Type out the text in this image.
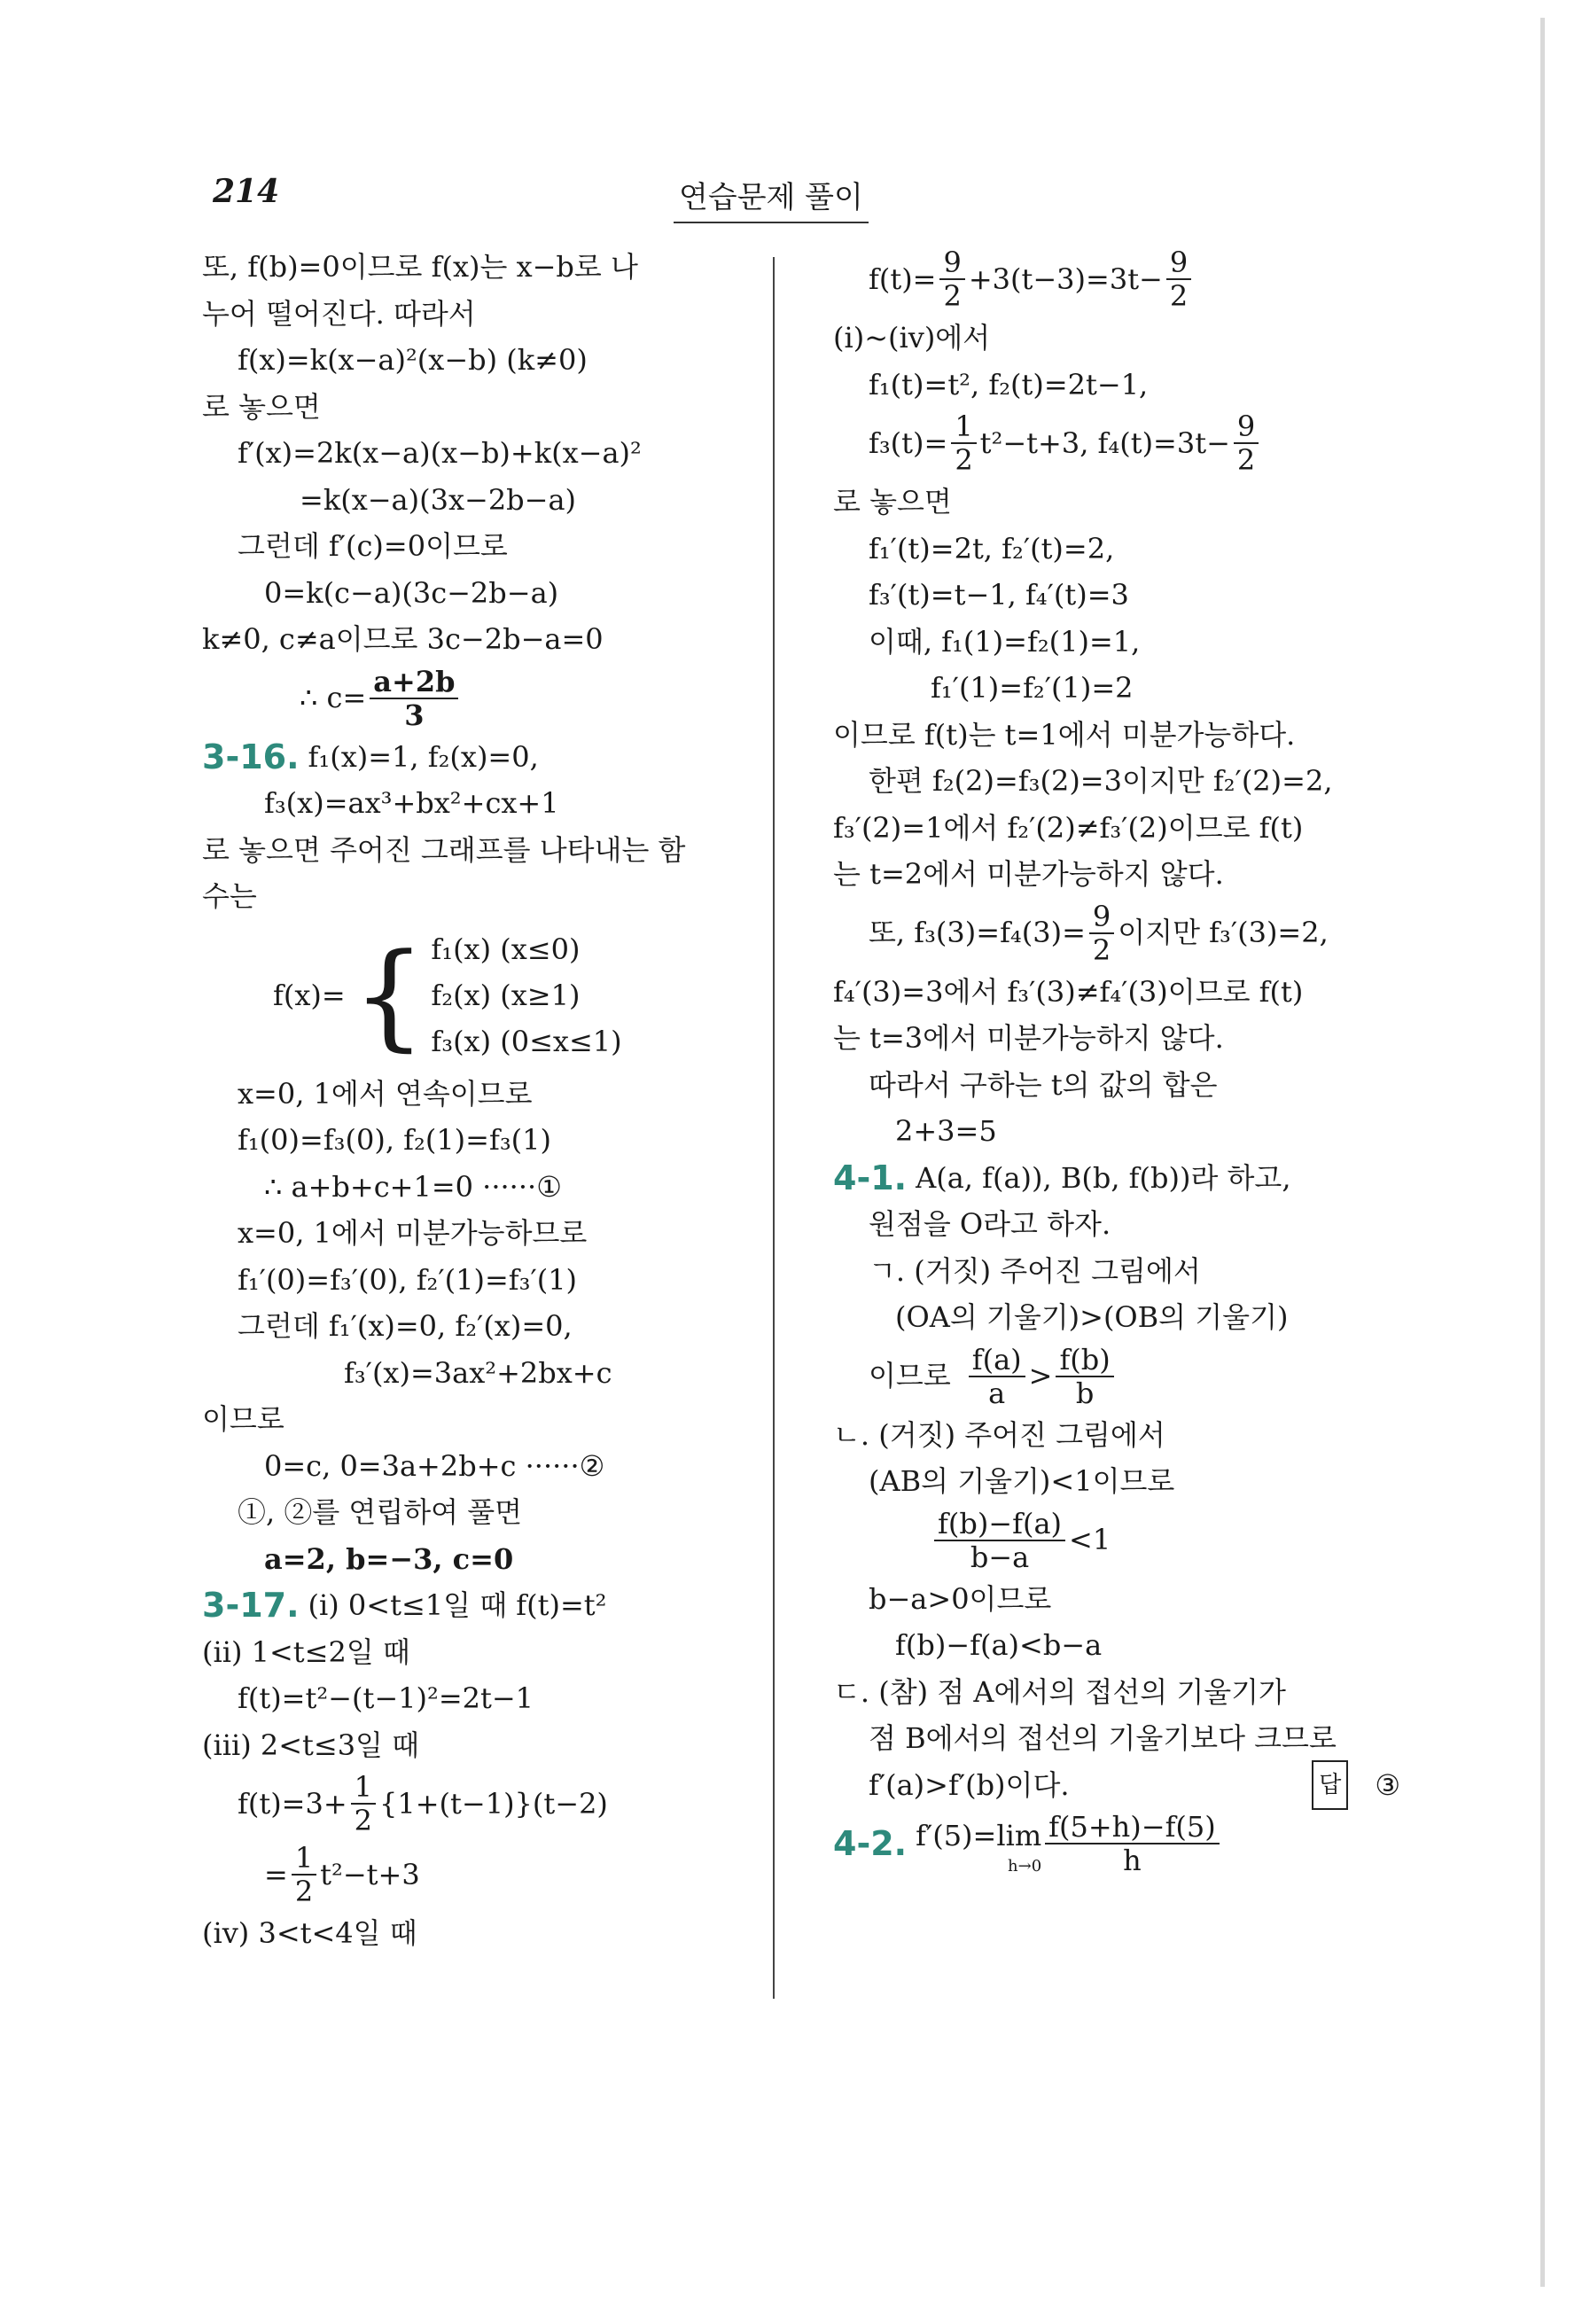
214	연습문제 풀이
또, f(b)=0이므로 f(x)는 x−b로 나
누어 떨어진다. 따라서
f(x)=k(x−a)²(x−b) (k≠0)
로 놓으면
f′(x)=2k(x−a)(x−b)+k(x−a)²
=k(x−a)(3x−2b−a)
그런데 f′(c)=0이므로
0=k(c−a)(3c−2b−a)
k≠0, c≠a이므로 3c−2b−a=0
∴ $c= \frac{a+2b}{3}$
3-16. f₁(x)=1, f₂(x)=0,
f₃(x)=ax³+bx²+cx+1
로 놓으면 주어진 그래프를 나타내는 함
수는
f(x)= { f₁(x) (x≤0)
f₂(x) (x≥1)
f₃(x) (0≤x≤1)
x=0, 1에서 연속이므로
f₁(0)=f₃(0), f₂(1)=f₃(1)
∴ a+b+c+1=0 ······①
x=0, 1에서 미분가능하므로
f₁′(0)=f₃′(0), f₂′(1)=f₃′(1)
그런데 f₁′(x)=0, f₂′(x)=0,
f₃′(x)=3ax²+2bx+c
이므로
0=c, 0=3a+2b+c ······②
①, ②를 연립하여 풀면
a=2, b=−3, c=0
3-17. (i) 0<t≤1일 때 f(t)=t²
(ii) 1<t≤2일 때
f(t)=t²−(t−1)²=2t−1
(iii) 2<t≤3일 때
$f(t)=3+ \frac{1}{2} \{1+(t-1)\}(t-2)$
= $\frac{1}{2} t^2-t+3$
(iv) 3<t<4일 때
$f(t)= \frac{9}{2} +3(t-3)=3t- \frac{9}{2}$
(i)~(iv)에서
f₁(t)=t², f₂(t)=2t−1,
$f_3(t)= \frac{1}{2} t^2-t+3$, $f_4(t)=3t- \frac{9}{2}$
로 놓으면
f₁′(t)=2t, f₂′(t)=2,
f₃′(t)=t−1, f₄′(t)=3
이때, f₁(1)=f₂(1)=1,
f₁′(1)=f₂′(1)=2
이므로 f(t)는 t=1에서 미분가능하다.
한편 f₂(2)=f₃(2)=3이지만 f₂′(2)=2,
f₃′(2)=1에서 f₂′(2)≠f₃′(2)이므로 f(t)
는 t=2에서 미분가능하지 않다.
또, $f_3(3)=f_4(3)= \frac{9}{2}$ 이지만 f₃′(3)=2,
f₄′(3)=3에서 f₃′(3)≠f₄′(3)이므로 f(t)
는 t=3에서 미분가능하지 않다.
따라서 구하는 t의 값의 합은
2+3=5
4-1. A(a, f(a)), B(b, f(b))라 하고,
원점을 O라고 하자.
ㄱ. (거짓) 주어진 그림에서
(OA의 기울기)>(OB의 기울기)
이므로 $\frac{f(a)}{a} > \frac{f(b)}{b}$
ㄴ. (거짓) 주어진 그림에서
(AB의 기울기)<1이므로
$\frac{f(b)-f(a)}{b-a} <1$
b−a>0이므로
f(b)−f(a)<b−a
ㄷ. (참) 점 A에서의 접선의 기울기가
점 B에서의 접선의 기울기보다 크므로
f′(a)>f′(b)이다.	답 ③
4-2. f′(5)=lim
$h\to 0 \frac{f(5+h)-f(5)}{h}$
